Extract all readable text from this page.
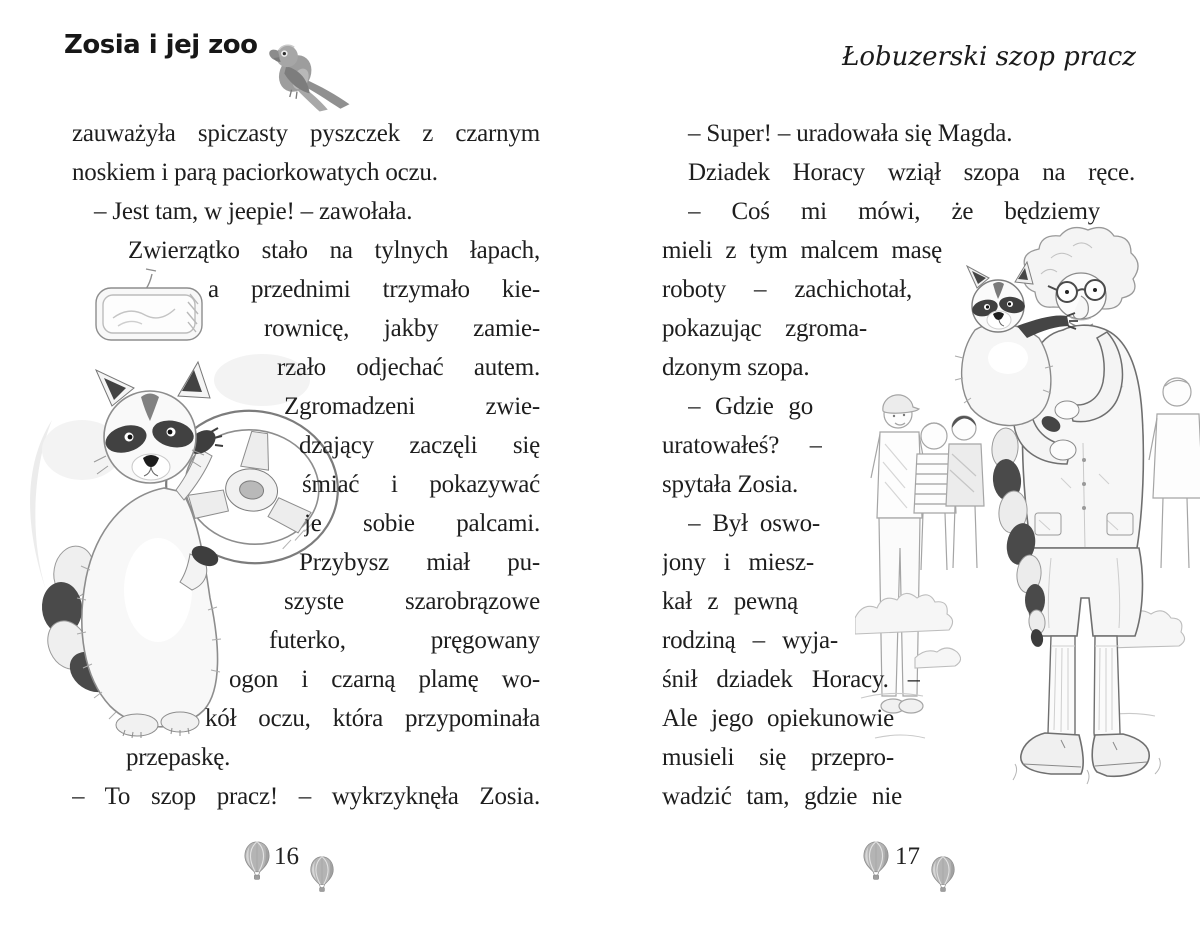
Zosia i jej zoo	Łobuzerski szop pracz
zauważyła spiczasty pyszczek z czarnym
noskiem i parą paciorkowatych oczu.
– Jest tam, w jeepie! – zawołała.
Zwierzątko stało na tylnych łapach,
a przednimi trzymało kie-
rownicę, jakby zamie-
rzało odjechać autem.
Zgromadzeni zwie-
dzający zaczęli się
śmiać i pokazywać
je sobie palcami.
Przybysz miał pu-
szyste szarobrązowe
futerko, pręgowany
ogon i czarną plamę wo-
kół oczu, która przypominała
przepaskę.
– To szop pracz! – wykrzyknęła Zosia.
– Super! – uradowała się Magda.
Dziadek Horacy wziął szopa na ręce.
– Coś mi mówi, że będziemy
mieli z tym malcem masę
roboty – zachichotał,
pokazując zgroma-
dzonym szopa.
– Gdzie go
uratowałeś? –
spytała Zosia.
– Był oswo-
jony i miesz-
kał z pewną
rodziną – wyja-
śnił dziadek Horacy. –
Ale jego opiekunowie
musieli się przepro-
wadzić tam, gdzie nie
16	17
